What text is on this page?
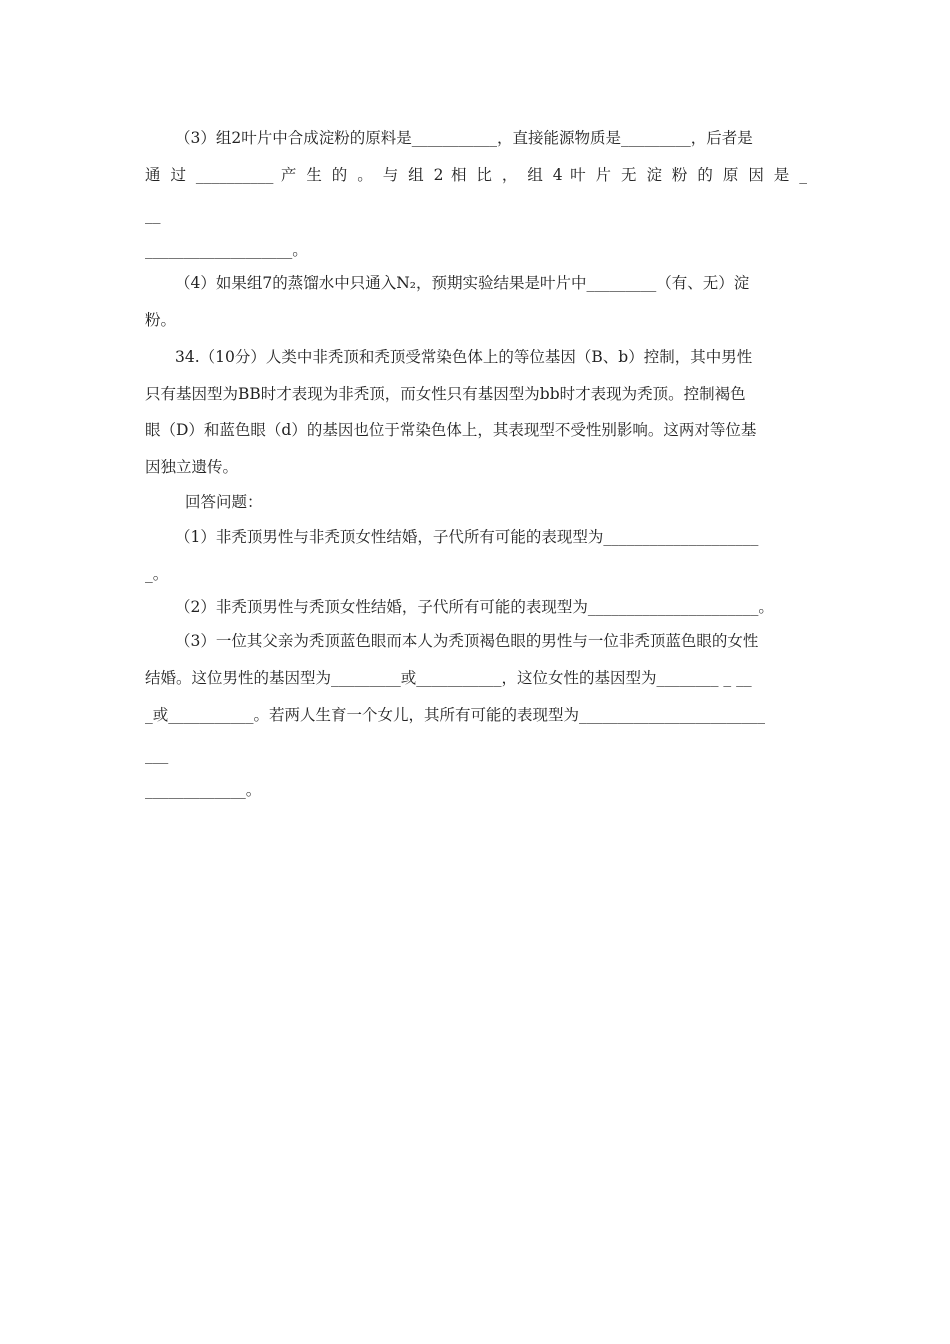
（3）组2叶片中合成淀粉的原料是___________，直接能源物质是_________，后者是
通 过 __________ 产 生 的 。 与 组 2 相 比 ， 组 4 叶 片 无 淀 粉 的 原 因 是 _
__
___________________。
（4）如果组7的蒸馏水中只通入N₂，预期实验结果是叶片中_________（有、无）淀
粉。
34.（10分）人类中非秃顶和秃顶受常染色体上的等位基因（B、b）控制，其中男性
只有基因型为BB时才表现为非秃顶，而女性只有基因型为bb时才表现为秃顶。控制褐色
眼（D）和蓝色眼（d）的基因也位于常染色体上，其表现型不受性别影响。这两对等位基
因独立遗传。
回答问题：
（1）非秃顶男性与非秃顶女性结婚，子代所有可能的表现型为____________________
_。
（2）非秃顶男性与秃顶女性结婚，子代所有可能的表现型为______________________。
（3）一位其父亲为秃顶蓝色眼而本人为秃顶褐色眼的男性与一位非秃顶蓝色眼的女性
结婚。这位男性的基因型为_________或___________，这位女性的基因型为________ _ __
_或___________。若两人生育一个女儿，其所有可能的表现型为________________________
___
_____________。
